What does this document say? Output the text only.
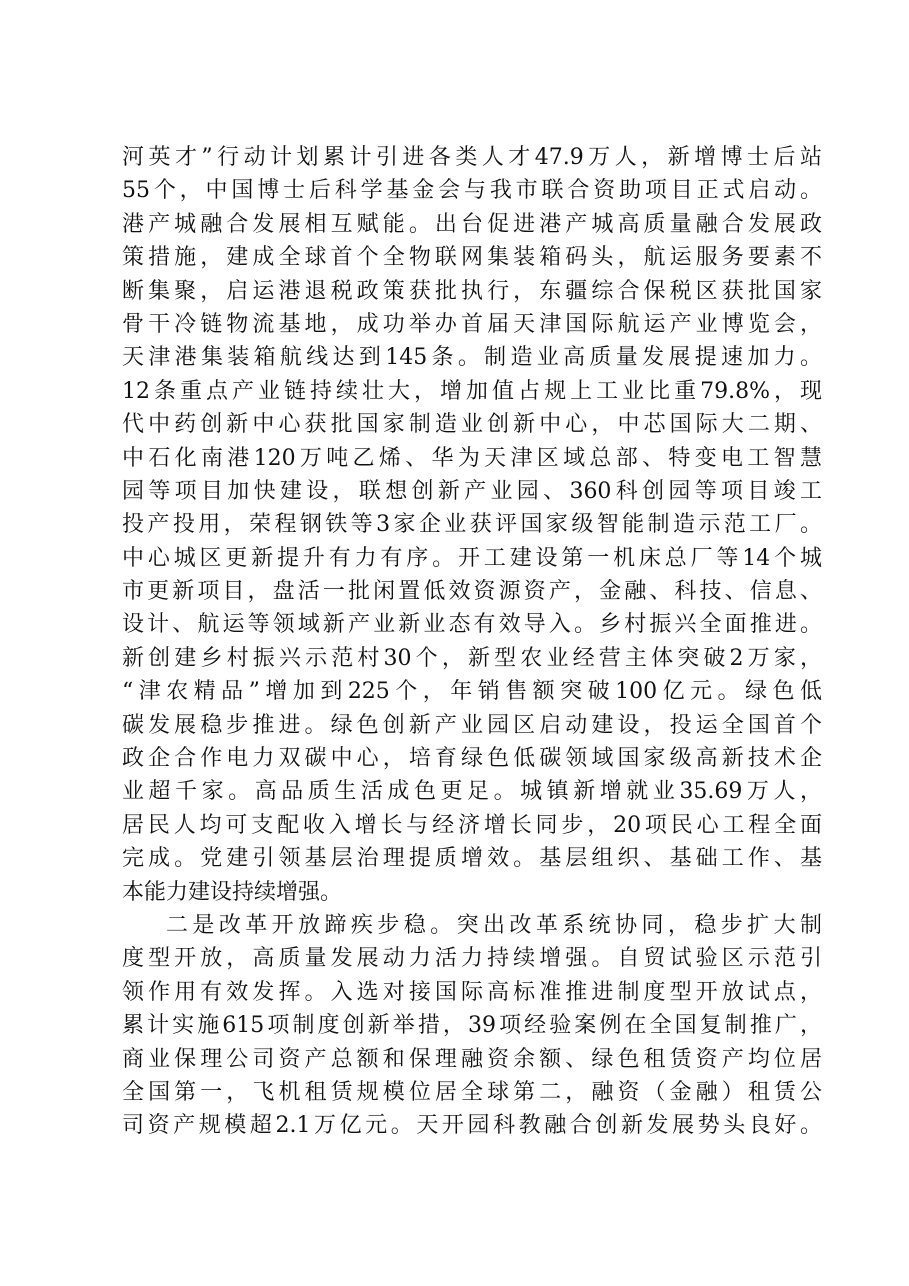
河英才”行动计划累计引进各类人才47.9万人，新增博士后站
55个，中国博士后科学基金会与我市联合资助项目正式启动。
港产城融合发展相互赋能。出台促进港产城高质量融合发展政
策措施，建成全球首个全物联网集装箱码头，航运服务要素不
断集聚，启运港退税政策获批执行，东疆综合保税区获批国家
骨干冷链物流基地，成功举办首届天津国际航运产业博览会，
天津港集装箱航线达到145条。制造业高质量发展提速加力。
12条重点产业链持续壮大，增加值占规上工业比重79.8%，现
代中药创新中心获批国家制造业创新中心，中芯国际大二期、
中石化南港120万吨乙烯、华为天津区域总部、特变电工智慧
园等项目加快建设，联想创新产业园、360科创园等项目竣工
投产投用，荣程钢铁等3家企业获评国家级智能制造示范工厂。
中心城区更新提升有力有序。开工建设第一机床总厂等14个城
市更新项目，盘活一批闲置低效资源资产，金融、科技、信息、
设计、航运等领域新产业新业态有效导入。乡村振兴全面推进。
新创建乡村振兴示范村30个，新型农业经营主体突破2万家，
“津农精品”增加到225个，年销售额突破100亿元。绿色低
碳发展稳步推进。绿色创新产业园区启动建设，投运全国首个
政企合作电力双碳中心，培育绿色低碳领域国家级高新技术企
业超千家。高品质生活成色更足。城镇新增就业35.69万人，
居民人均可支配收入增长与经济增长同步，20项民心工程全面
完成。党建引领基层治理提质增效。基层组织、基础工作、基
本能力建设持续增强。
二是改革开放蹄疾步稳。突出改革系统协同，稳步扩大制
度型开放，高质量发展动力活力持续增强。自贸试验区示范引
领作用有效发挥。入选对接国际高标准推进制度型开放试点，
累计实施615项制度创新举措，39项经验案例在全国复制推广，
商业保理公司资产总额和保理融资余额、绿色租赁资产均位居
全国第一，飞机租赁规模位居全球第二，融资（金融）租赁公
司资产规模超2.1万亿元。天开园科教融合创新发展势头良好。
